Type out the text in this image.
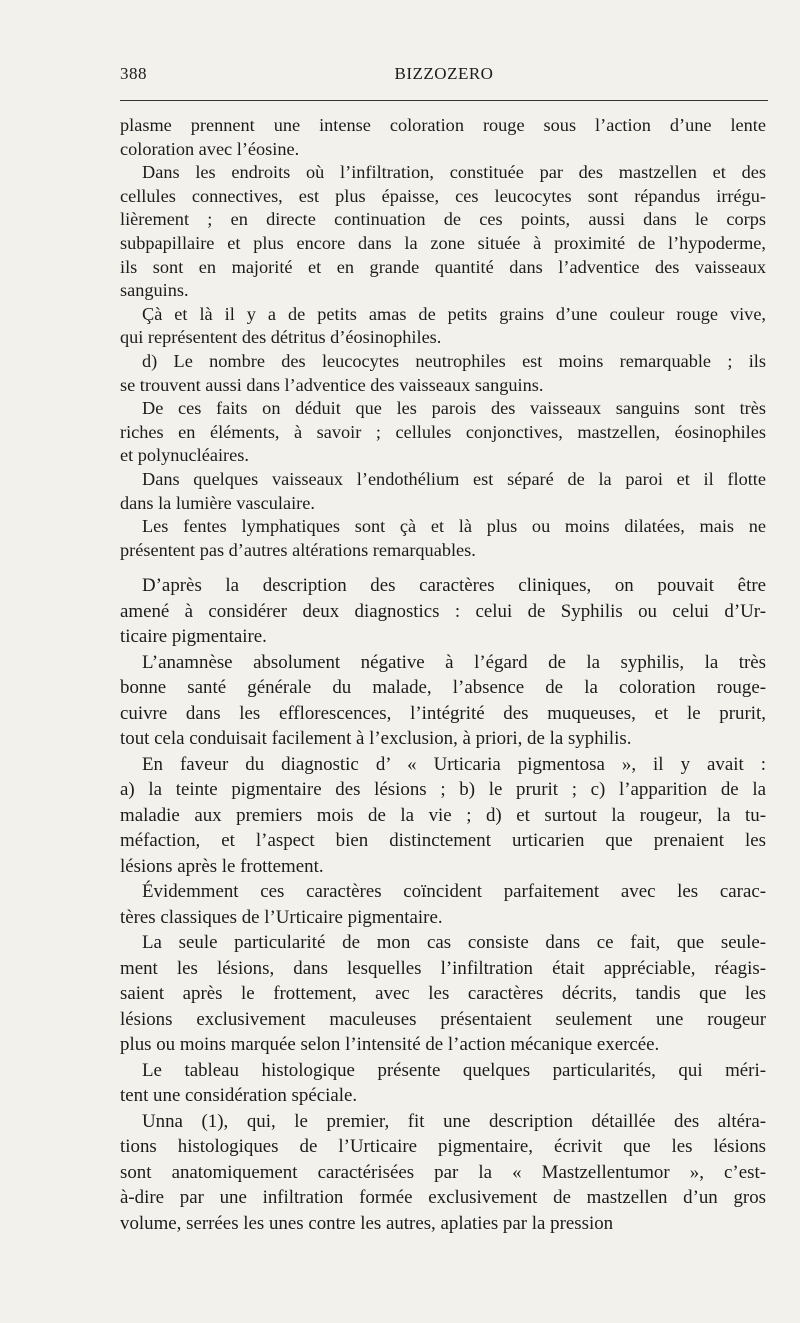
388	BIZZOZERO
plasme prennent une intense coloration rouge sous l’action d’une lente
coloration avec l’éosine.
Dans les endroits où l’infiltration, constituée par des mastzellen et des
cellules connectives, est plus épaisse, ces leucocytes sont répandus irrégu-
lièrement ; en directe continuation de ces points, aussi dans le corps
subpapillaire et plus encore dans la zone située à proximité de l’hypoderme,
ils sont en majorité et en grande quantité dans l’adventice des vaisseaux
sanguins.
Çà et là il y a de petits amas de petits grains d’une couleur rouge vive,
qui représentent des détritus d’éosinophiles.
d) Le nombre des leucocytes neutrophiles est moins remarquable ; ils
se trouvent aussi dans l’adventice des vaisseaux sanguins.
De ces faits on déduit que les parois des vaisseaux sanguins sont très
riches en éléments, à savoir ; cellules conjonctives, mastzellen, éosinophiles
et polynucléaires.
Dans quelques vaisseaux l’endothélium est séparé de la paroi et il flotte
dans la lumière vasculaire.
Les fentes lymphatiques sont çà et là plus ou moins dilatées, mais ne
présentent pas d’autres altérations remarquables.
D’après la description des caractères cliniques, on pouvait être
amené à considérer deux diagnostics : celui de Syphilis ou celui d’Ur-
ticaire pigmentaire.
L’anamnèse absolument négative à l’égard de la syphilis, la très
bonne santé générale du malade, l’absence de la coloration rouge-
cuivre dans les efflorescences, l’intégrité des muqueuses, et le prurit,
tout cela conduisait facilement à l’exclusion, à priori, de la syphilis.
En faveur du diagnostic d’ « Urticaria pigmentosa », il y avait :
a) la teinte pigmentaire des lésions ; b) le prurit ; c) l’apparition de la
maladie aux premiers mois de la vie ; d) et surtout la rougeur, la tu-
méfaction, et l’aspect bien distinctement urticarien que prenaient les
lésions après le frottement.
Évidemment ces caractères coïncident parfaitement avec les carac-
tères classiques de l’Urticaire pigmentaire.
La seule particularité de mon cas consiste dans ce fait, que seule-
ment les lésions, dans lesquelles l’infiltration était appréciable, réagis-
saient après le frottement, avec les caractères décrits, tandis que les
lésions exclusivement maculeuses présentaient seulement une rougeur
plus ou moins marquée selon l’intensité de l’action mécanique exercée.
Le tableau histologique présente quelques particularités, qui méri-
tent une considération spéciale.
Unna (1), qui, le premier, fit une description détaillée des altéra-
tions histologiques de l’Urticaire pigmentaire, écrivit que les lésions
sont anatomiquement caractérisées par la « Mastzellentumor », c’est-
à-dire par une infiltration formée exclusivement de mastzellen d’un gros
volume, serrées les unes contre les autres, aplaties par la pression
